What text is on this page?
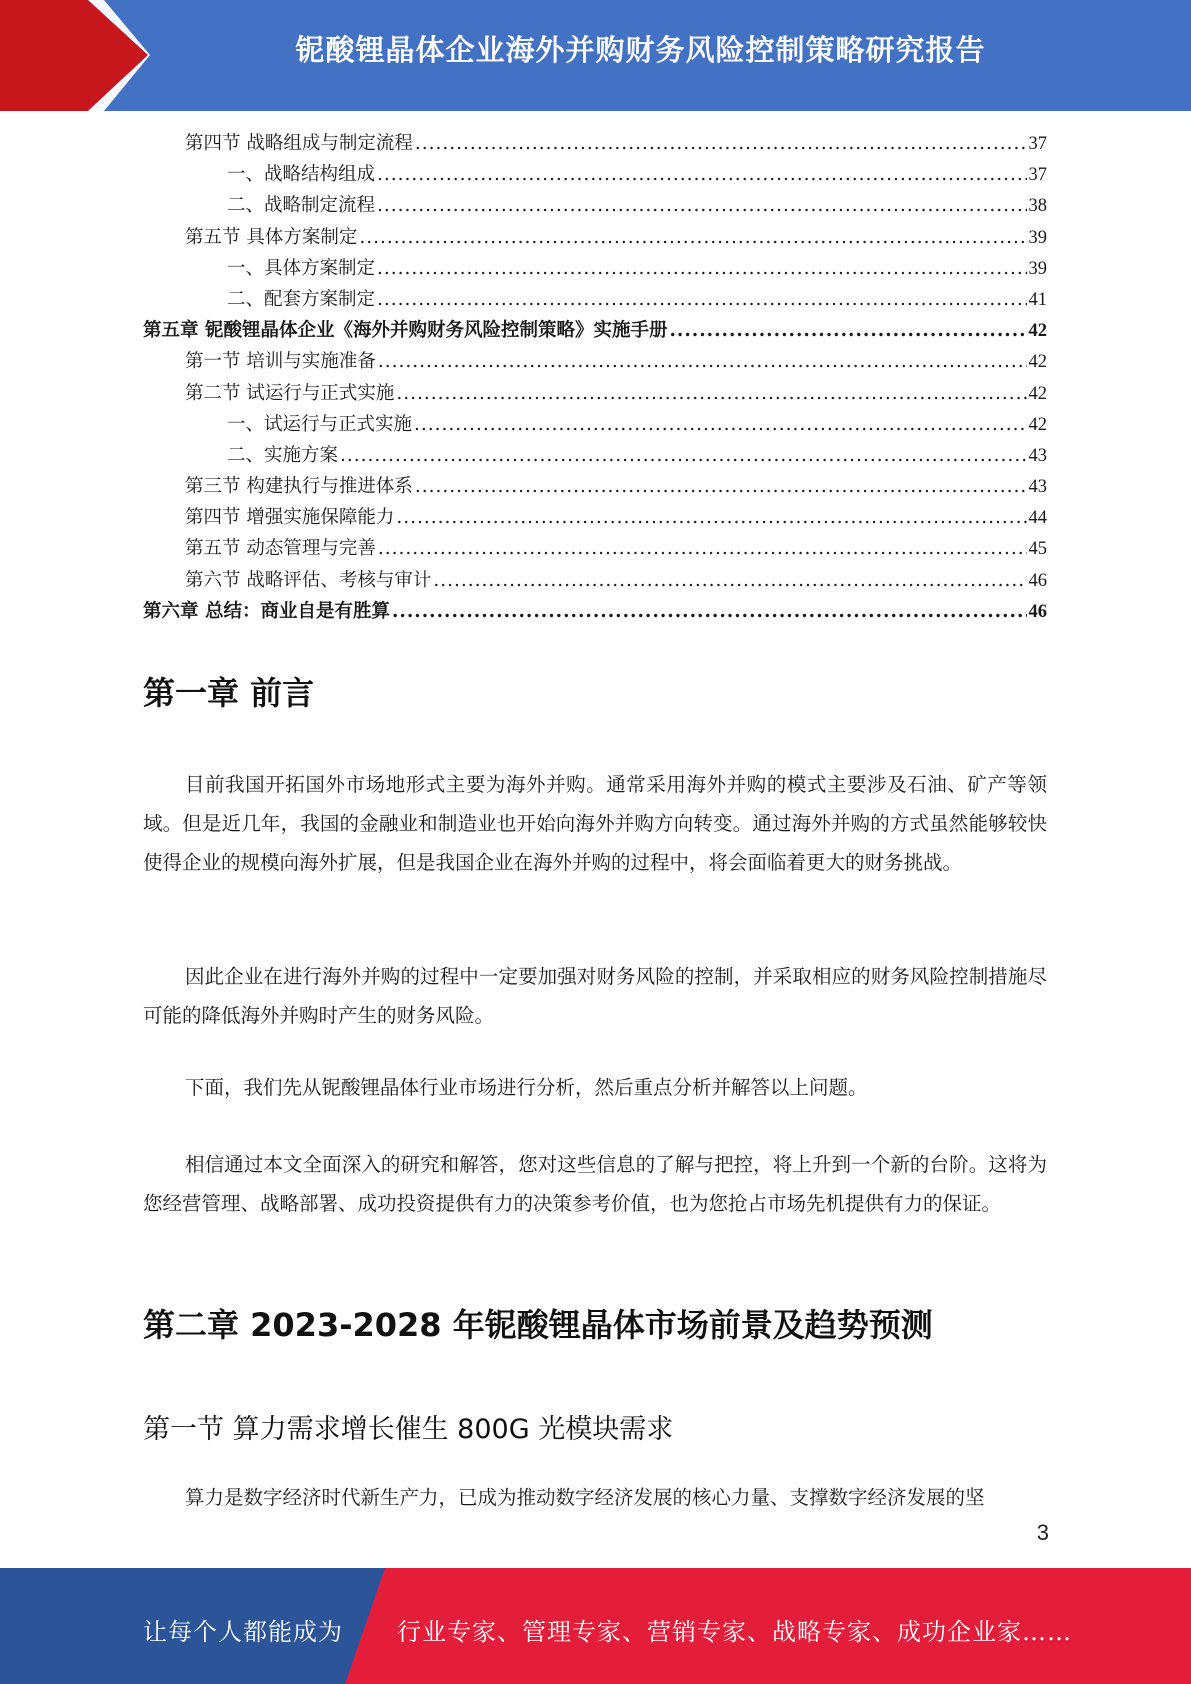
铌酸锂晶体企业海外并购财务风险控制策略研究报告
第四节 战略组成与制定流程 .....	37
一、战略结构组成 .....	37
二、战略制定流程 .....	38
第五节 具体方案制定 .....	39
一、具体方案制定 .....	39
二、配套方案制定 .....	41
第五章 铌酸锂晶体企业《海外并购财务风险控制策略》实施手册 .....	42
第一节 培训与实施准备 .....	42
第二节 试运行与正式实施 .....	42
一、试运行与正式实施 .....	42
二、实施方案 .....	43
第三节 构建执行与推进体系 .....	43
第四节 增强实施保障能力 .....	44
第五节 动态管理与完善 .....	45
第六节 战略评估、考核与审计 .....	46
第六章 总结：商业自是有胜算 .....	46
第一章 前言

目前我国开拓国外市场地形式主要为海外并购。通常采用海外并购的模式主要涉及石油、矿产等领域。但是近几年，我国的金融业和制造业也开始向海外并购方向转变。通过海外并购的方式虽然能够较快使得企业的规模向海外扩展，但是我国企业在海外并购的过程中，将会面临着更大的财务挑战。

因此企业在进行海外并购的过程中一定要加强对财务风险的控制，并采取相应的财务风险控制措施尽可能的降低海外并购时产生的财务风险。

下面，我们先从铌酸锂晶体行业市场进行分析，然后重点分析并解答以上问题。

相信通过本文全面深入的研究和解答，您对这些信息的了解与把控，将上升到一个新的台阶。这将为您经营管理、战略部署、成功投资提供有力的决策参考价值，也为您抢占市场先机提供有力的保证。

第二章 2023-2028 年铌酸锂晶体市场前景及趋势预测
第一节 算力需求增长催生 800G 光模块需求

算力是数字经济时代新生产力，已成为推动数字经济发展的核心力量、支撑数字经济发展的坚

3
让每个人都能成为 行业专家、管理专家、营销专家、战略专家、成功企业家……
